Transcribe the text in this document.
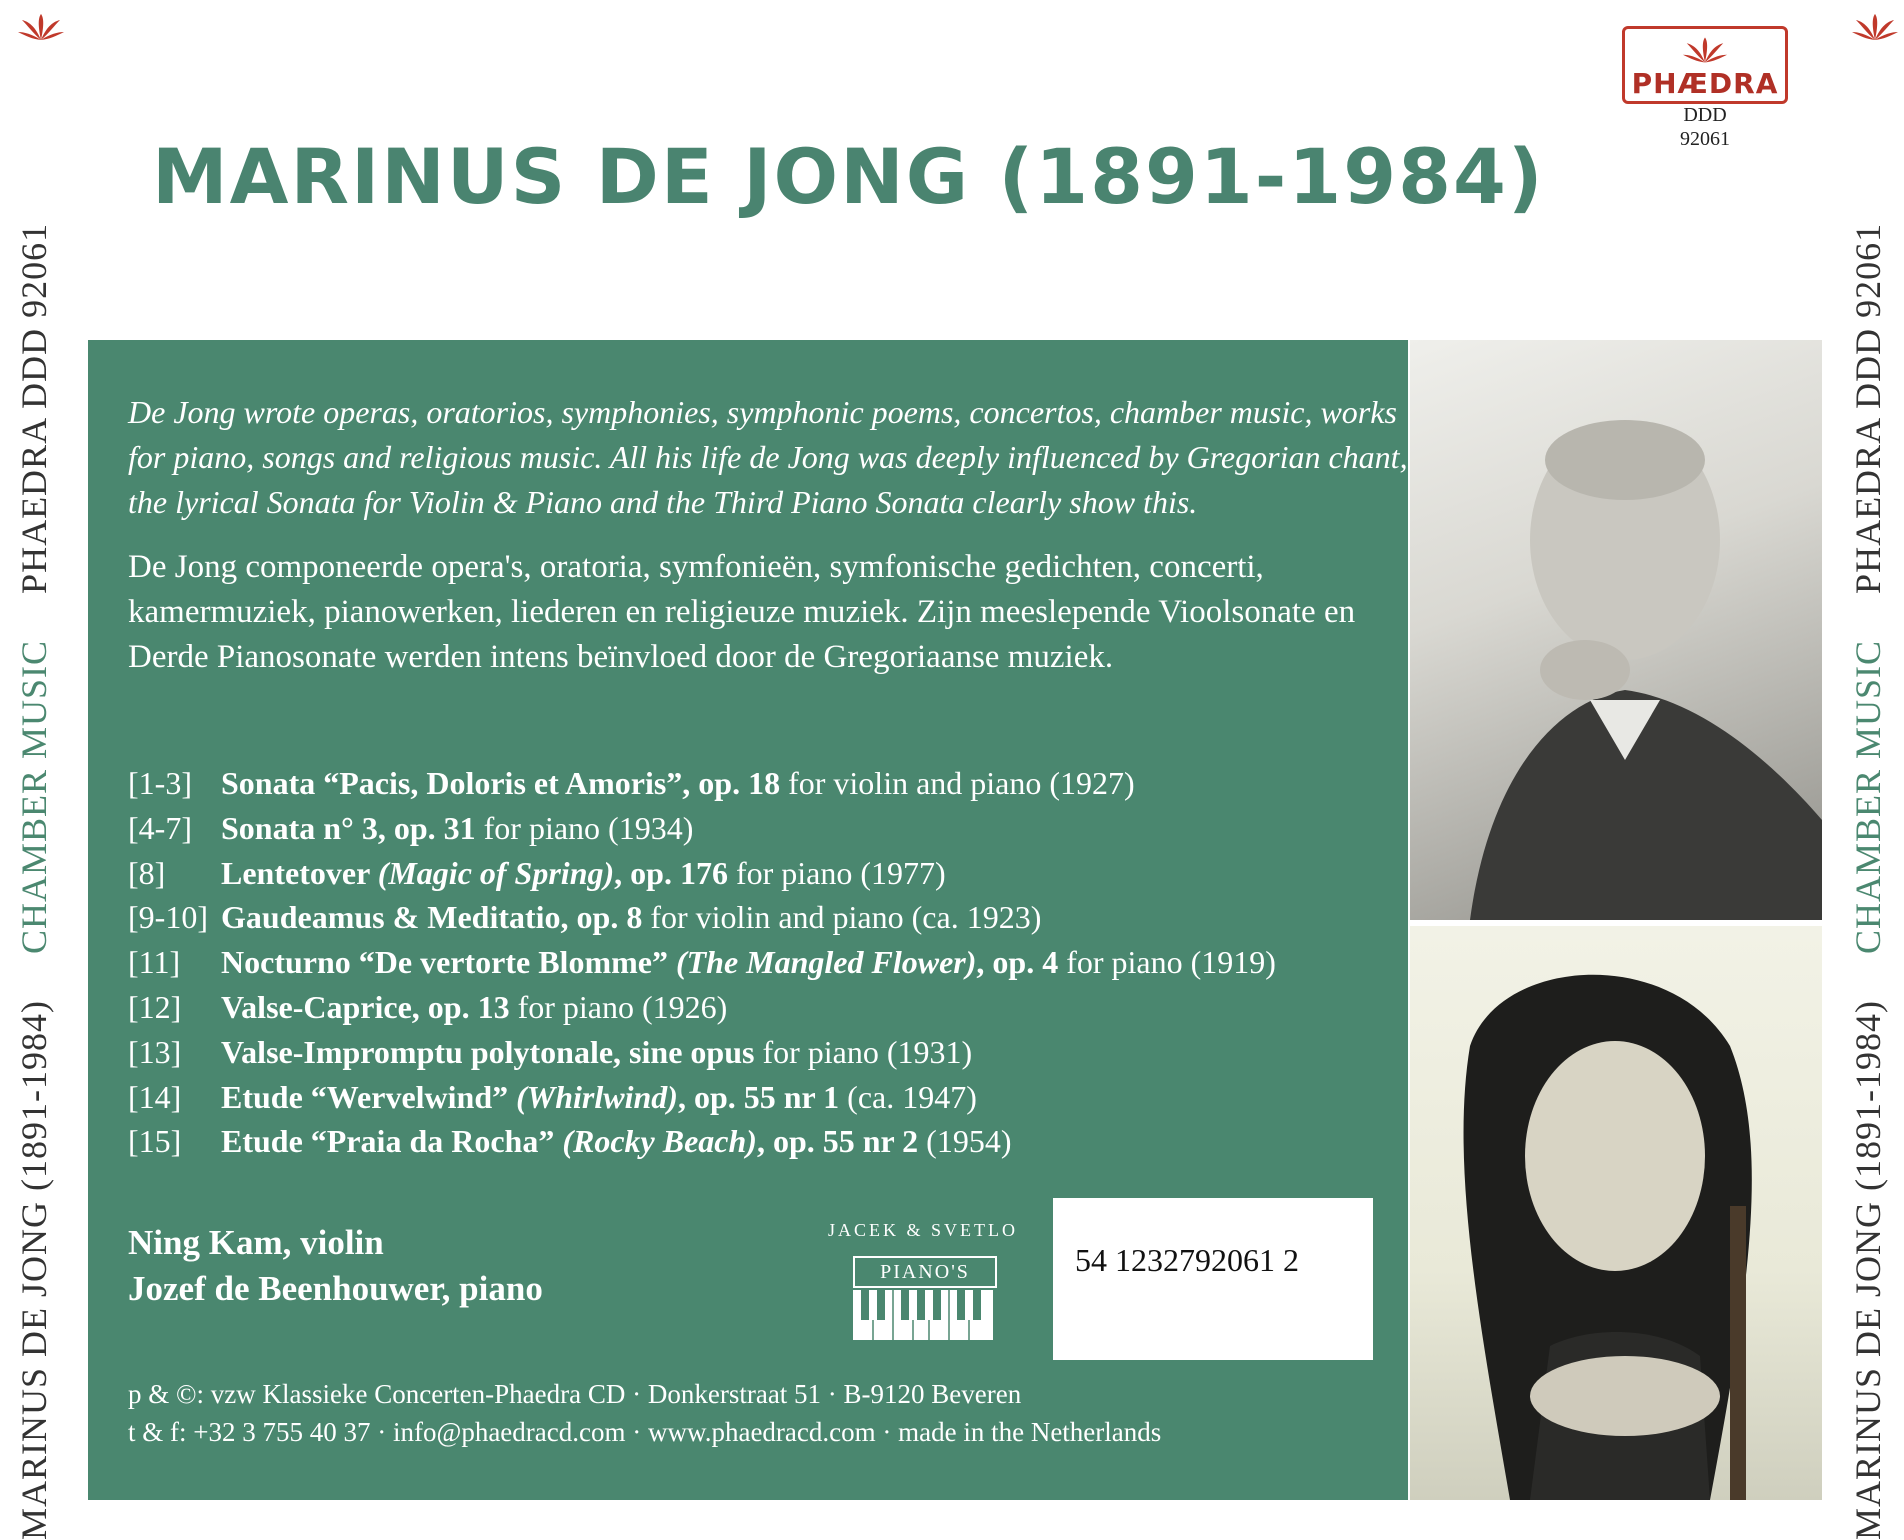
MARINUS DE JONG (1891-1984)CHAMBER MUSICPHAEDRA DDD 92061
MARINUS DE JONG (1891-1984)CHAMBER MUSICPHAEDRA DDD 92061
MARINUS DE JONG (1891-1984)
PHÆDRA
DDD
92061
De Jong wrote operas, oratorios, symphonies, symphonic poems, concertos, chamber music, works for piano, songs and religious music. All his life de Jong was deeply influenced by Gregorian chant, the lyrical Sonata for Violin & Piano and the Third Piano Sonata clearly show this.
De Jong componeerde opera's, oratoria, symfonieën, symfonische gedichten, concerti, kamermuziek, pianowerken, liederen en religieuze muziek. Zijn meeslepende Vioolsonate en Derde Pianosonate werden intens beïnvloed door de Gregoriaanse muziek.
[1-3] Sonata “Pacis, Doloris et Amoris”, op. 18 for violin and piano (1927)
[4-7] Sonata n° 3, op. 31 for piano (1934)
[8] Lentetover (Magic of Spring), op. 176 for piano (1977)
[9-10] Gaudeamus & Meditatio, op. 8 for violin and piano (ca. 1923)
[11] Nocturno “De vertorte Blomme” (The Mangled Flower), op. 4 for piano (1919)
[12] Valse-Caprice, op. 13 for piano (1926)
[13] Valse-Impromptu polytonale, sine opus for piano (1931)
[14] Etude “Wervelwind” (Whirlwind), op. 55 nr 1 (ca. 1947)
[15] Etude “Praia da Rocha” (Rocky Beach), op. 55 nr 2 (1954)
Ning Kam, violin
Jozef de Beenhouwer, piano
JACEK & SVETLO
PIANO'S	54 1232792061 2
p & ©: vzw Klassieke Concerten-Phaedra CD · Donkerstraat 51 · B-9120 Beveren
t & f: +32 3 755 40 37 · info@phaedracd.com · www.phaedracd.com · made in the Netherlands
